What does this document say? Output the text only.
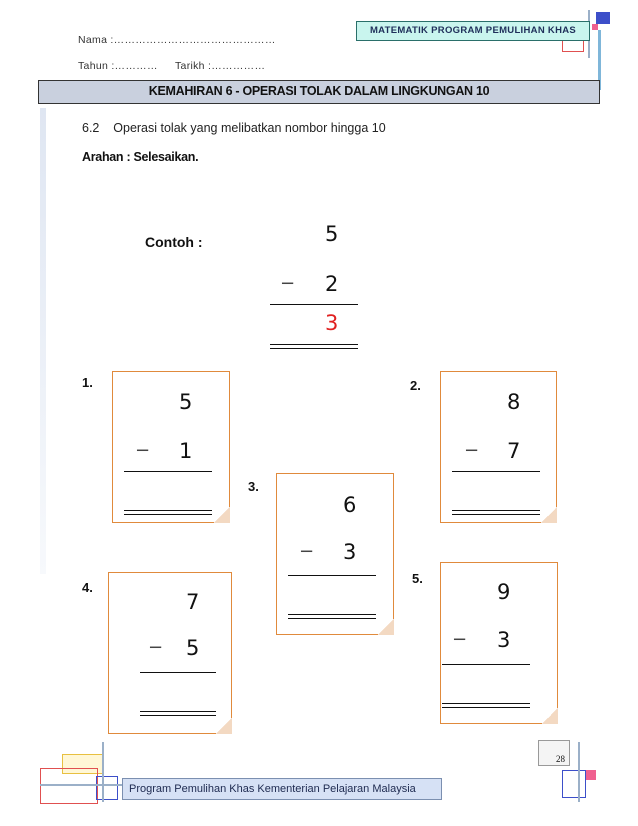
Nama :………………………………………
Tahun :………… Tarikh :……………
MATEMATIK PROGRAM PEMULIHAN KHAS
KEMAHIRAN 6 - OPERASI TOLAK DALAM LINGKUNGAN 10
6.2    Operasi tolak yang melibatkan nombor hingga 10
Arahan : Selesaikan.
Contoh :	5
− 2
3
1.
5
− 1
2.
8
− 7
3.
6
− 3
4.
7
− 5
5.
9
− 3
Program Pemulihan Khas Kementerian Pelajaran Malaysia
28
